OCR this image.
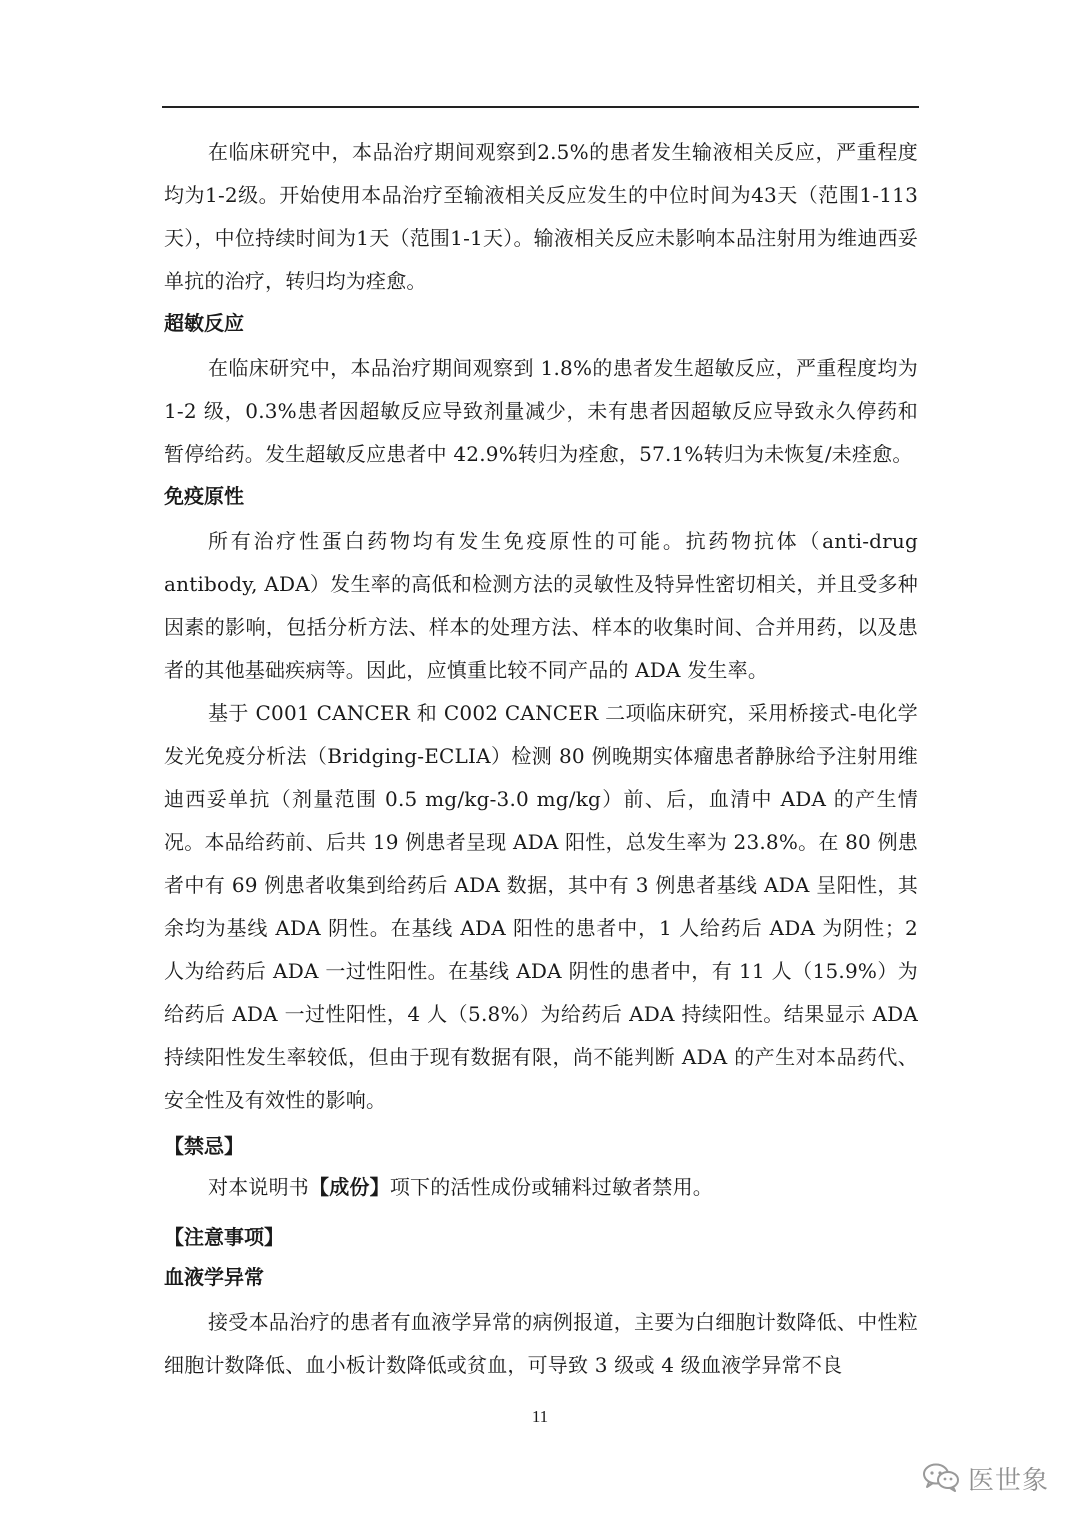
在临床研究中，本品治疗期间观察到2.5%的患者发生输液相关反应，严重程度均为1-2级。开始使用本品治疗至输液相关反应发生的中位时间为43天（范围1-113天），中位持续时间为1天（范围1-1天）。输液相关反应未影响本品注射用为维迪西妥单抗的治疗，转归均为痊愈。

超敏反应

在临床研究中，本品治疗期间观察到 1.8%的患者发生超敏反应，严重程度均为 1-2 级，0.3%患者因超敏反应导致剂量减少，未有患者因超敏反应导致永久停药和暂停给药。发生超敏反应患者中 42.9%转归为痊愈，57.1%转归为未恢复/未痊愈。

免疫原性

所有治疗性蛋白药物均有发生免疫原性的可能。抗药物抗体（anti-drug antibody, ADA）发生率的高低和检测方法的灵敏性及特异性密切相关，并且受多种因素的影响，包括分析方法、样本的处理方法、样本的收集时间、合并用药，以及患者的其他基础疾病等。因此，应慎重比较不同产品的 ADA 发生率。

基于 C001 CANCER 和 C002 CANCER 二项临床研究，采用桥接式-电化学发光免疫分析法（Bridging-ECLIA）检测 80 例晚期实体瘤患者静脉给予注射用维迪西妥单抗（剂量范围 0.5 mg/kg-3.0 mg/kg）前、后，血清中 ADA 的产生情况。本品给药前、后共 19 例患者呈现 ADA 阳性，总发生率为 23.8%。在 80 例患者中有 69 例患者收集到给药后 ADA 数据，其中有 3 例患者基线 ADA 呈阳性，其余均为基线 ADA 阴性。在基线 ADA 阳性的患者中，1 人给药后 ADA 为阴性；2 人为给药后 ADA 一过性阳性。在基线 ADA 阴性的患者中，有 11 人（15.9%）为给药后 ADA 一过性阳性，4 人（5.8%）为给药后 ADA 持续阳性。结果显示 ADA 持续阳性发生率较低，但由于现有数据有限，尚不能判断 ADA 的产生对本品药代、安全性及有效性的影响。

【禁忌】

对本说明书【成份】项下的活性成份或辅料过敏者禁用。

【注意事项】
血液学异常

接受本品治疗的患者有血液学异常的病例报道，主要为白细胞计数降低、中性粒细胞计数降低、血小板计数降低或贫血，可导致 3 级或 4 级血液学异常不良

11
医世象
